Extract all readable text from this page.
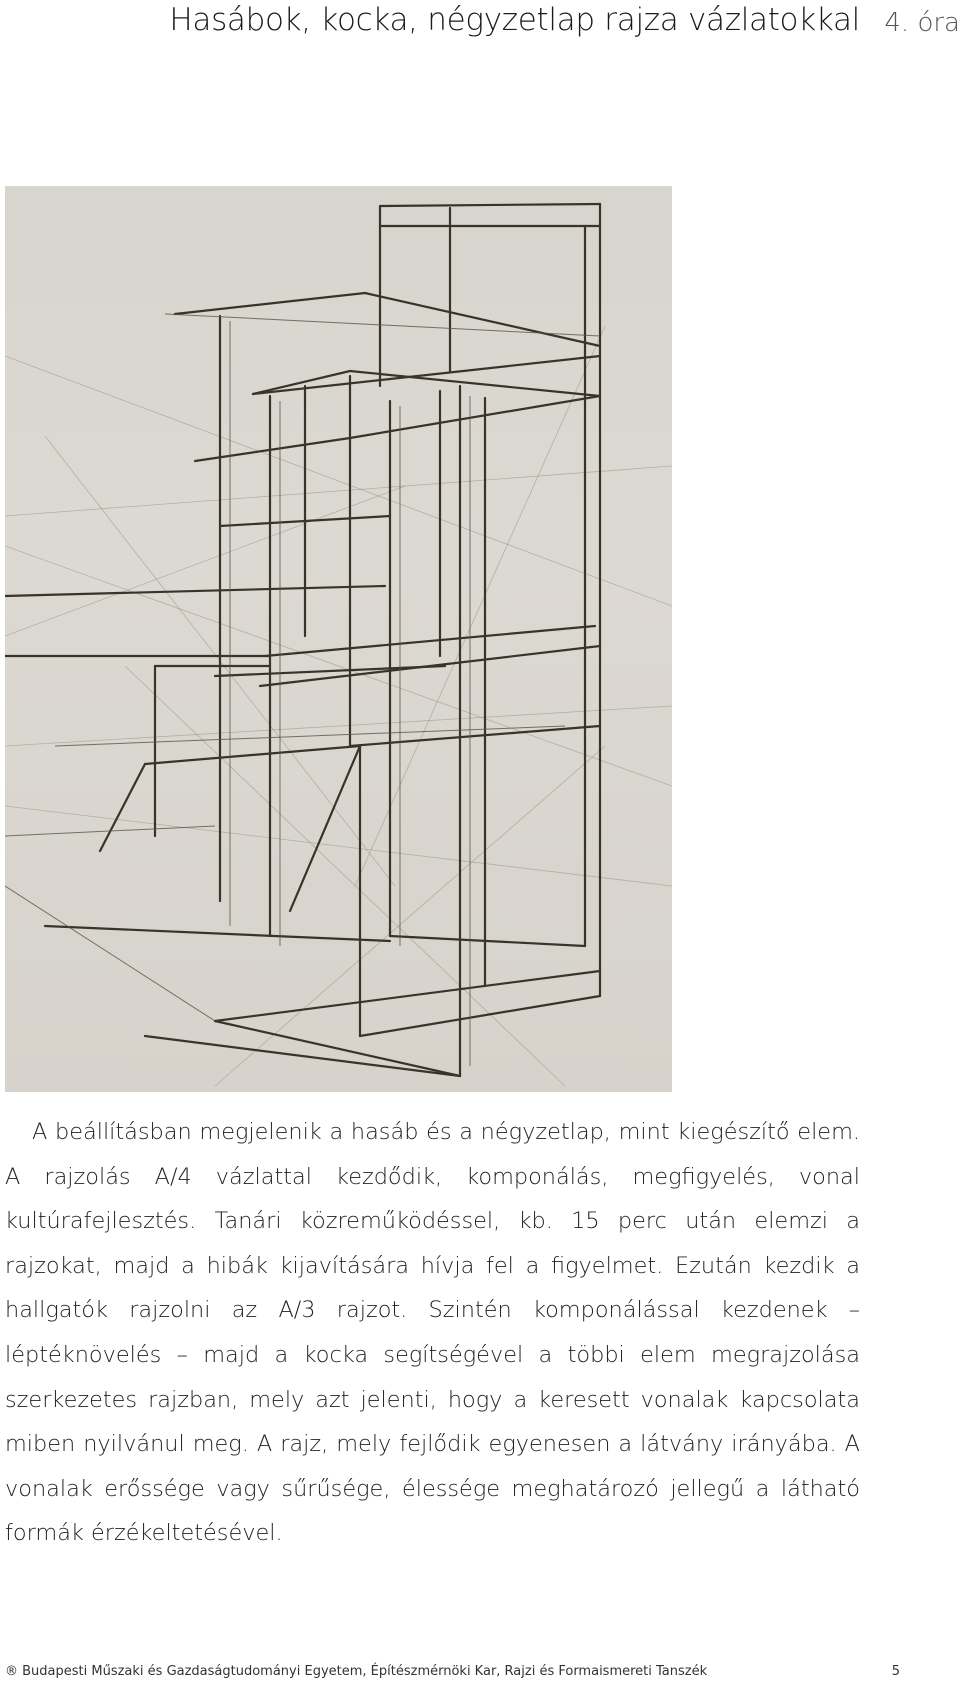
Hasábok, kocka, négyzetlap rajza vázlatokkal 4. óra

A beállításban megjelenik a hasáb és a négyzetlap, mint kiegészítő elem. A rajzolás A/4 vázlattal kezdődik, komponálás, megfigyelés, vonal kultúrafejlesztés. Tanári közreműködéssel, kb. 15 perc után elemzi a rajzokat, majd a hibák kijavítására hívja fel a figyelmet. Ezután kezdik a hallgatók rajzolni az A/3 rajzot. Szintén komponálással kezdenek – léptéknövelés – majd a kocka segítségével a többi elem megrajzolása szerkezetes rajzban, mely azt jelenti, hogy a keresett vonalak kapcsolata miben nyilvánul meg. A rajz, mely fejlődik egyenesen a látvány irányába. A vonalak erőssége vagy sűrűsége, élessége meghatározó jellegű a látható formák érzékeltetésével.

® Budapesti Műszaki és Gazdaságtudományi Egyetem, Építészmérnöki Kar, Rajzi és Formaismereti Tanszék	5
